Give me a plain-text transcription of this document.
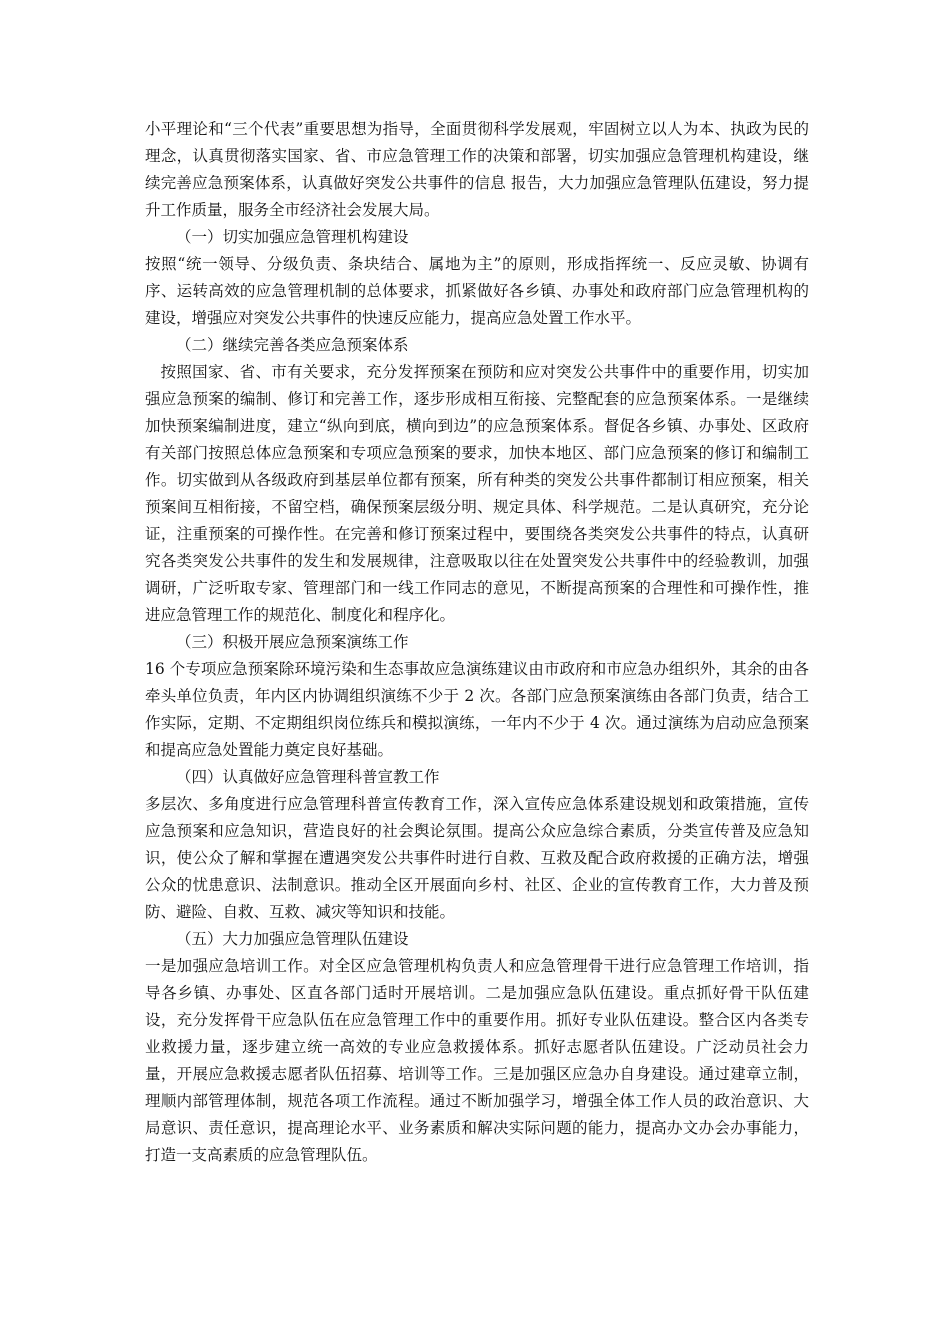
小平理论和“三个代表”重要思想为指导，全面贯彻科学发展观，牢固树立以人为本、执政为民的理念，认真贯彻落实国家、省、市应急管理工作的决策和部署，切实加强应急管理机构建设，继续完善应急预案体系，认真做好突发公共事件的信息 报告，大力加强应急管理队伍建设，努力提升工作质量，服务全市经济社会发展大局。

（一）切实加强应急管理机构建设

按照“统一领导、分级负责、条块结合、属地为主”的原则，形成指挥统一、反应灵敏、协调有序、运转高效的应急管理机制的总体要求，抓紧做好各乡镇、办事处和政府部门应急管理机构的建设，增强应对突发公共事件的快速反应能力，提高应急处置工作水平。

（二）继续完善各类应急预案体系

按照国家、省、市有关要求，充分发挥预案在预防和应对突发公共事件中的重要作用，切实加强应急预案的编制、修订和完善工作，逐步形成相互衔接、完整配套的应急预案体系。一是继续加快预案编制进度，建立“纵向到底，横向到边”的应急预案体系。督促各乡镇、办事处、区政府有关部门按照总体应急预案和专项应急预案的要求，加快本地区、部门应急预案的修订和编制工作。切实做到从各级政府到基层单位都有预案，所有种类的突发公共事件都制订相应预案，相关预案间互相衔接，不留空档，确保预案层级分明、规定具体、科学规范。二是认真研究，充分论证，注重预案的可操作性。在完善和修订预案过程中，要围绕各类突发公共事件的特点，认真研究各类突发公共事件的发生和发展规律，注意吸取以往在处置突发公共事件中的经验教训，加强调研，广泛听取专家、管理部门和一线工作同志的意见，不断提高预案的合理性和可操作性，推进应急管理工作的规范化、制度化和程序化。

（三）积极开展应急预案演练工作

16 个专项应急预案除环境污染和生态事故应急演练建议由市政府和市应急办组织外，其余的由各牵头单位负责，年内区内协调组织演练不少于 2 次。各部门应急预案演练由各部门负责，结合工作实际，定期、不定期组织岗位练兵和模拟演练，一年内不少于 4 次。通过演练为启动应急预案和提高应急处置能力奠定良好基础。

（四）认真做好应急管理科普宣教工作

多层次、多角度进行应急管理科普宣传教育工作，深入宣传应急体系建设规划和政策措施，宣传应急预案和应急知识，营造良好的社会舆论氛围。提高公众应急综合素质，分类宣传普及应急知识，使公众了解和掌握在遭遇突发公共事件时进行自救、互救及配合政府救援的正确方法，增强公众的忧患意识、法制意识。推动全区开展面向乡村、社区、企业的宣传教育工作，大力普及预防、避险、自救、互救、减灾等知识和技能。

（五）大力加强应急管理队伍建设

一是加强应急培训工作。对全区应急管理机构负责人和应急管理骨干进行应急管理工作培训，指导各乡镇、办事处、区直各部门适时开展培训。二是加强应急队伍建设。重点抓好骨干队伍建设，充分发挥骨干应急队伍在应急管理工作中的重要作用。抓好专业队伍建设。整合区内各类专业救援力量，逐步建立统一高效的专业应急救援体系。抓好志愿者队伍建设。广泛动员社会力量，开展应急救援志愿者队伍招募、培训等工作。三是加强区应急办自身建设。通过建章立制，理顺内部管理体制，规范各项工作流程。通过不断加强学习，增强全体工作人员的政治意识、大局意识、责任意识，提高理论水平、业务素质和解决实际问题的能力，提高办文办会办事能力，打造一支高素质的应急管理队伍。
